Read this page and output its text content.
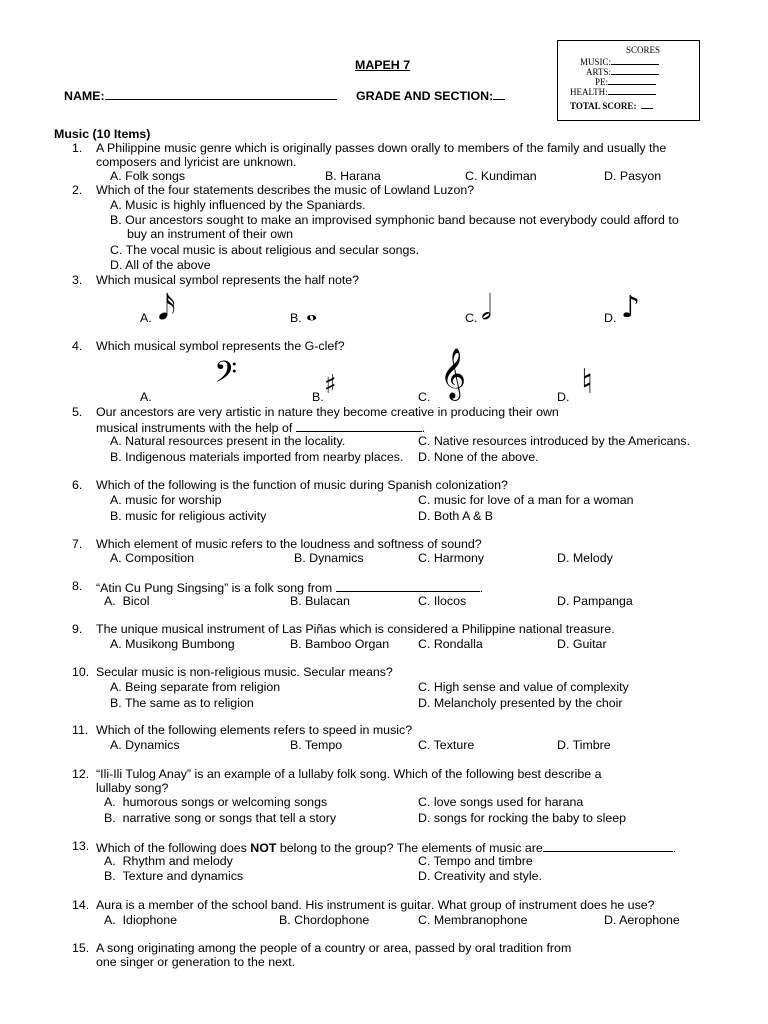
MAPEH 7
NAME:	GRADE AND SECTION:
SCORES
MUSIC:
ARTS:
PE:
HEALTH:
TOTAL SCORE:
Music (10 Items)
1. A Philippine music genre which is originally passes down orally to members of the family and usually the
composers and lyricist are unknown.
A. Folk songs	B. Harana	C. Kundiman	D. Pasyon
2. Which of the four statements describes the music of Lowland Luzon?
A. Music is highly influenced by the Spaniards.
B. Our ancestors sought to make an improvised symphonic band because not everybody could afford to
buy an instrument of their own
C. The vocal music is about religious and secular songs.
D. All of the above
3. Which musical symbol represents the half note?
A. 𝅘𝅥𝅯	B. 𝅝	C. 𝅗𝅥	D. ♪
4. Which musical symbol represents the G-clef?
A. 𝄢	B. ♯	C. 𝄞	D. ♮
5. Our ancestors are very artistic in nature they become creative in producing their own
musical instruments with the help of	.
A. Natural resources present in the locality.	C. Native resources introduced by the Americans.
B. Indigenous materials imported from nearby places. D. None of the above.
6. Which of the following is the function of music during Spanish colonization?
A. music for worship	C. music for love of a man for a woman
B. music for religious activity	D. Both A & B
7. Which element of music refers to the loudness and softness of sound?
A. Composition	B. Dynamics	C. Harmony	D. Melody
8. “Atin Cu Pung Singsing” is a folk song from	.
A. Bicol	B. Bulacan	C. Ilocos	D. Pampanga
9. The unique musical instrument of Las Piñas which is considered a Philippine national treasure.
A. Musikong Bumbong	B. Bamboo Organ C. Rondalla	D. Guitar
10. Secular music is non-religious music. Secular means?
A. Being separate from religion	C. High sense and value of complexity
B. The same as to religion	D. Melancholy presented by the choir
11. Which of the following elements refers to speed in music?
A. Dynamics	B. Tempo	C. Texture	D. Timbre
12. “Ili-Ili Tulog Anay” is an example of a lullaby folk song. Which of the following best describe a
lullaby song?
A. humorous songs or welcoming songs	C. love songs used for harana
B. narrative song or songs that tell a story	D. songs for rocking the baby to sleep
13. Which of the following does NOT belong to the group? The elements of music are	.
A. Rhythm and melody	C. Tempo and timbre
B. Texture and dynamics	D. Creativity and style.
14. Aura is a member of the school band. His instrument is guitar. What group of instrument does he use?
A. Idiophone	B. Chordophone	C. Membranophone	D. Aerophone
15. A song originating among the people of a country or area, passed by oral tradition from
one singer or generation to the next.
